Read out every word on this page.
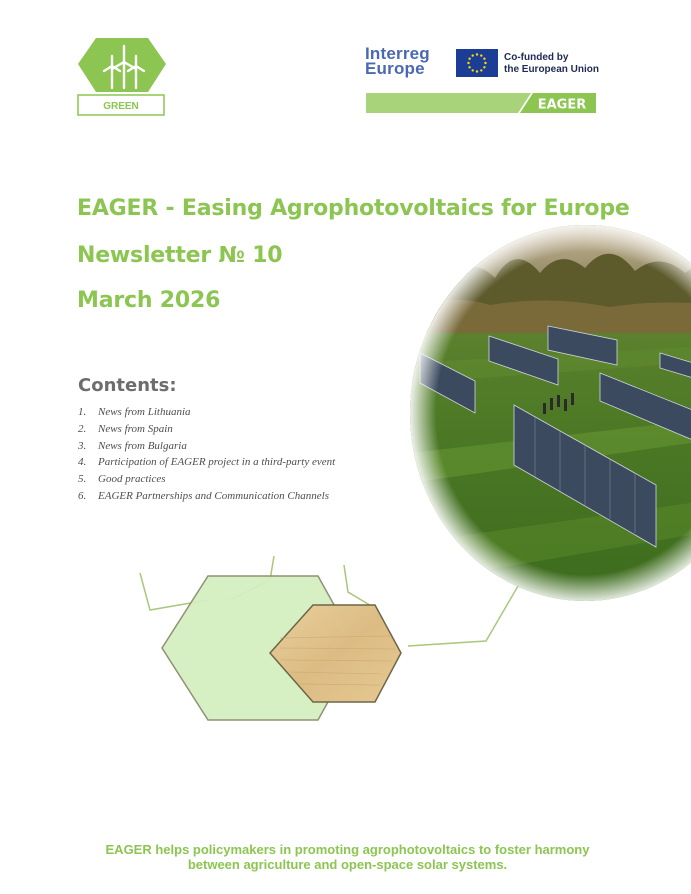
GREEN
Interreg
Europe
Co-funded by
the European Union
EAGER
EAGER - Easing Agrophotovoltaics for Europe
Newsletter № 10
March 2026
Contents:
1. News from Lithuania
2. News from Spain
3. News from Bulgaria
4. Participation of EAGER project in a third-party event
5. Good practices
6. EAGER Partnerships and Communication Channels
EAGER helps policymakers in promoting agrophotovoltaics to foster harmony
between agriculture and open-space solar systems.
